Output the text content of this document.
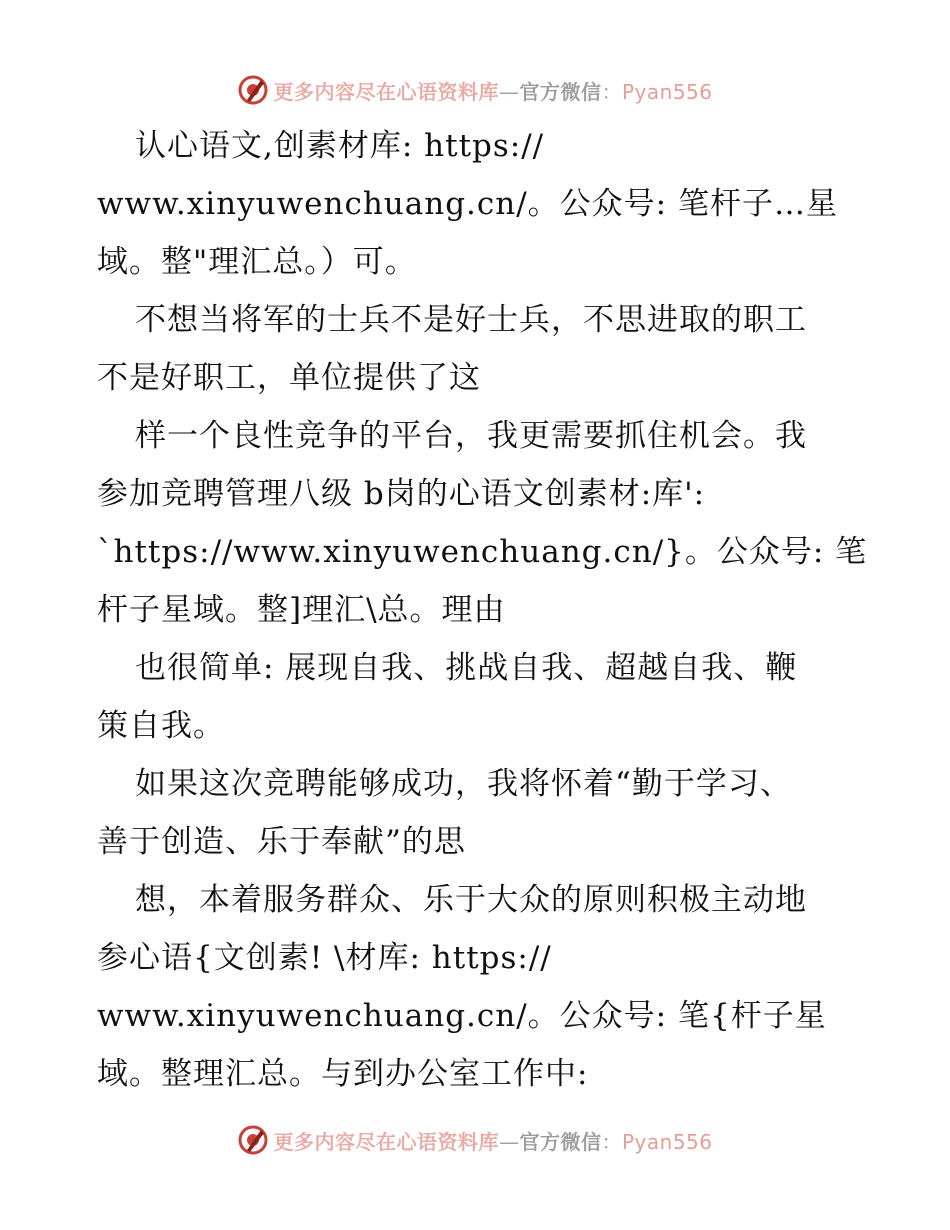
更多内容尽在心语资料库—官方微信：Pyan556
认心语文,创素材库: https://
www.xinyuwenchuang.cn/。公众号: 笔杆子…星
域。整"理汇总。）可。
不想当将军的士兵不是好士兵，不思进取的职工
不是好职工，单位提供了这
样一个良性竞争的平台，我更需要抓住机会。我
参加竞聘管理八级 b岗的心语文创素材:库':
`https://www.xinyuwenchuang.cn/}。公众号: 笔
杆子星域。整]理汇\总。理由
也很简单: 展现自我、挑战自我、超越自我、鞭
策自我。
如果这次竞聘能够成功，我将怀着“勤于学习、
善于创造、乐于奉献”的思
想，本着服务群众、乐于大众的原则积极主动地
参心语{文创素! \材库: https://
www.xinyuwenchuang.cn/。公众号: 笔{杆子星
域。整理汇总。与到办公室工作中:
更多内容尽在心语资料库—官方微信：Pyan556
